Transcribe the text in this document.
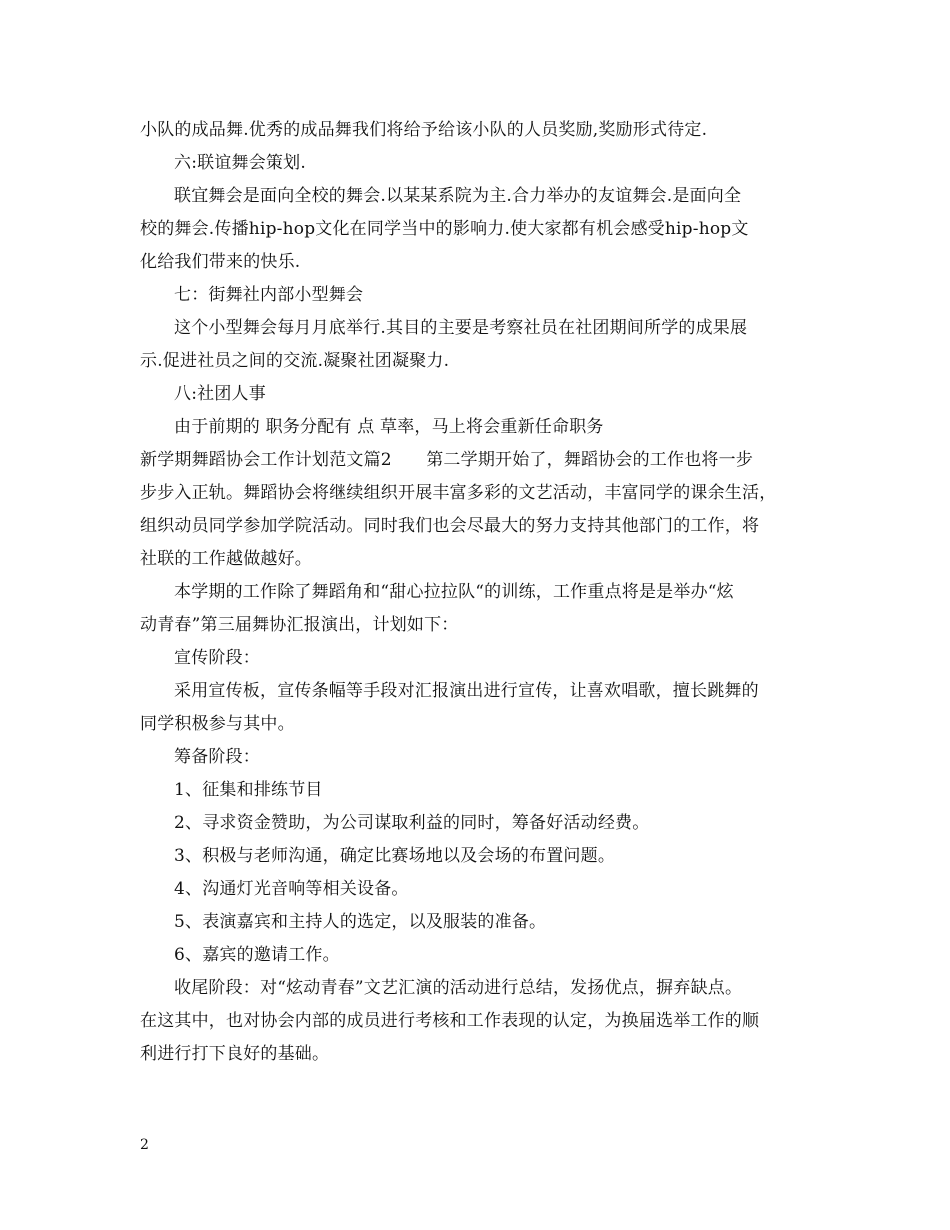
小队的成品舞.优秀的成品舞我们将给予给该小队的人员奖励,奖励形式待定.
六:联谊舞会策划.
联宜舞会是面向全校的舞会.以某某系院为主.合力举办的友谊舞会.是面向全
校的舞会.传播hip-hop文化在同学当中的影响力.使大家都有机会感受hip-hop文
化给我们带来的快乐.
七：街舞社内部小型舞会
这个小型舞会每月月底举行.其目的主要是考察社员在社团期间所学的成果展
示.促进社员之间的交流.凝聚社团凝聚力.
八:社团人事
由于前期的 职务分配有 点 草率，马上将会重新任命职务
新学期舞蹈协会工作计划范文篇2　　第二学期开始了，舞蹈协会的工作也将一步
步步入正轨。舞蹈协会将继续组织开展丰富多彩的文艺活动，丰富同学的课余生活，
组织动员同学参加学院活动。同时我们也会尽最大的努力支持其他部门的工作，将
社联的工作越做越好。
本学期的工作除了舞蹈角和“甜心拉拉队“的训练，工作重点将是是举办“炫
动青春”第三届舞协汇报演出，计划如下：
宣传阶段：
采用宣传板，宣传条幅等手段对汇报演出进行宣传，让喜欢唱歌，擅长跳舞的
同学积极参与其中。
筹备阶段：
1、征集和排练节目
2、寻求资金赞助，为公司谋取利益的同时，筹备好活动经费。
3、积极与老师沟通，确定比赛场地以及会场的布置问题。
4、沟通灯光音响等相关设备。
5、表演嘉宾和主持人的选定，以及服装的准备。
6、嘉宾的邀请工作。
收尾阶段：对“炫动青春”文艺汇演的活动进行总结，发扬优点，摒弃缺点。
在这其中，也对协会内部的成员进行考核和工作表现的认定，为换届选举工作的顺
利进行打下良好的基础。
2
